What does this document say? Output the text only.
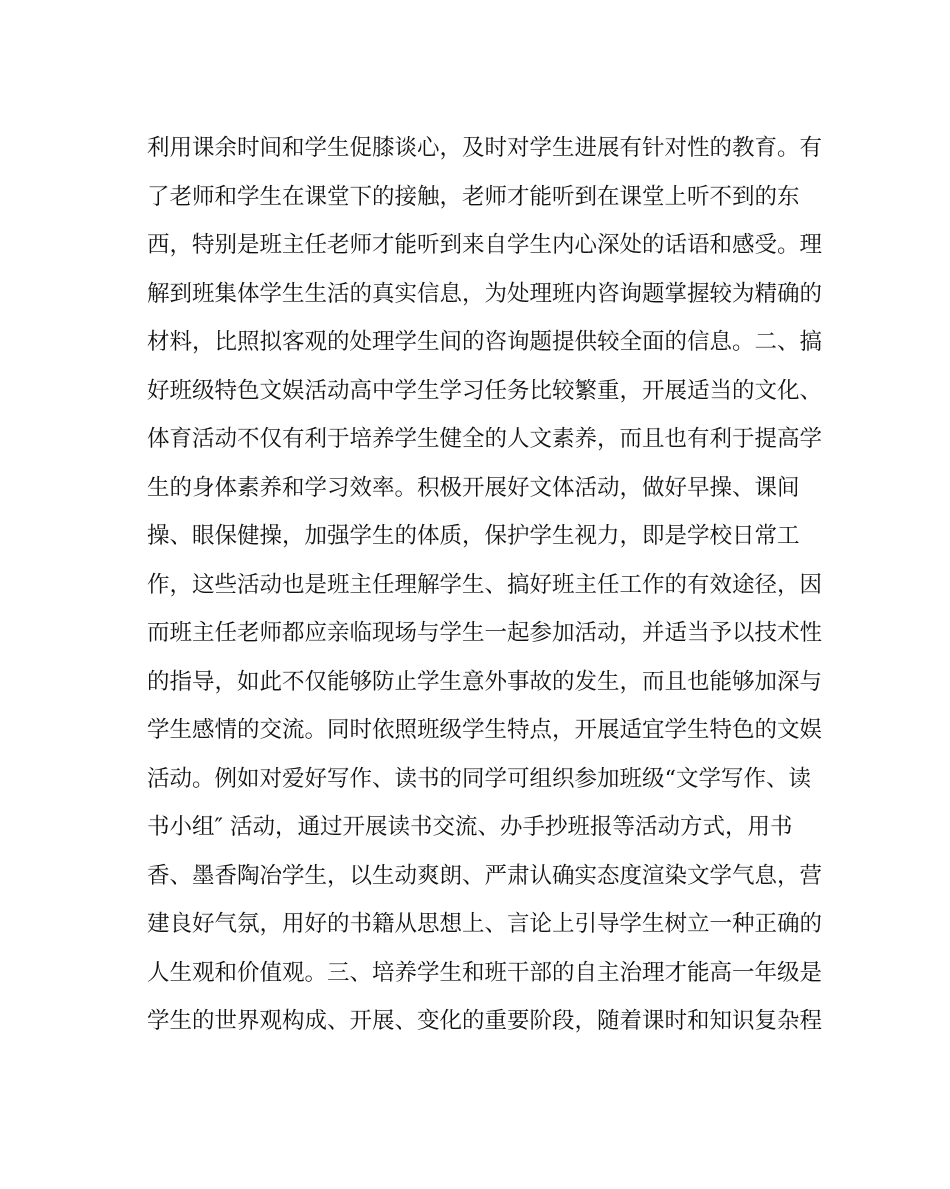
利用课余时间和学生促膝谈心，及时对学生进展有针对性的教育。有
了老师和学生在课堂下的接触，老师才能听到在课堂上听不到的东
西，特别是班主任老师才能听到来自学生内心深处的话语和感受。理
解到班集体学生生活的真实信息，为处理班内咨询题掌握较为精确的
材料，比照拟客观的处理学生间的咨询题提供较全面的信息。二、搞
好班级特色文娱活动高中学生学习任务比较繁重，开展适当的文化、
体育活动不仅有利于培养学生健全的人文素养，而且也有利于提高学
生的身体素养和学习效率。积极开展好文体活动，做好早操、课间
操、眼保健操，加强学生的体质，保护学生视力，即是学校日常工
作，这些活动也是班主任理解学生、搞好班主任工作的有效途径，因
而班主任老师都应亲临现场与学生一起参加活动，并适当予以技术性
的指导，如此不仅能够防止学生意外事故的发生，而且也能够加深与
学生感情的交流。同时依照班级学生特点，开展适宜学生特色的文娱
活动。例如对爱好写作、读书的同学可组织参加班级“文学写作、读
书小组″ 活动，通过开展读书交流、办手抄班报等活动方式，用书
香、墨香陶冶学生，以生动爽朗、严肃认确实态度渲染文学气息，营
建良好气氛，用好的书籍从思想上、言论上引导学生树立一种正确的
人生观和价值观。三、培养学生和班干部的自主治理才能高一年级是
学生的世界观构成、开展、变化的重要阶段，随着课时和知识复杂程
